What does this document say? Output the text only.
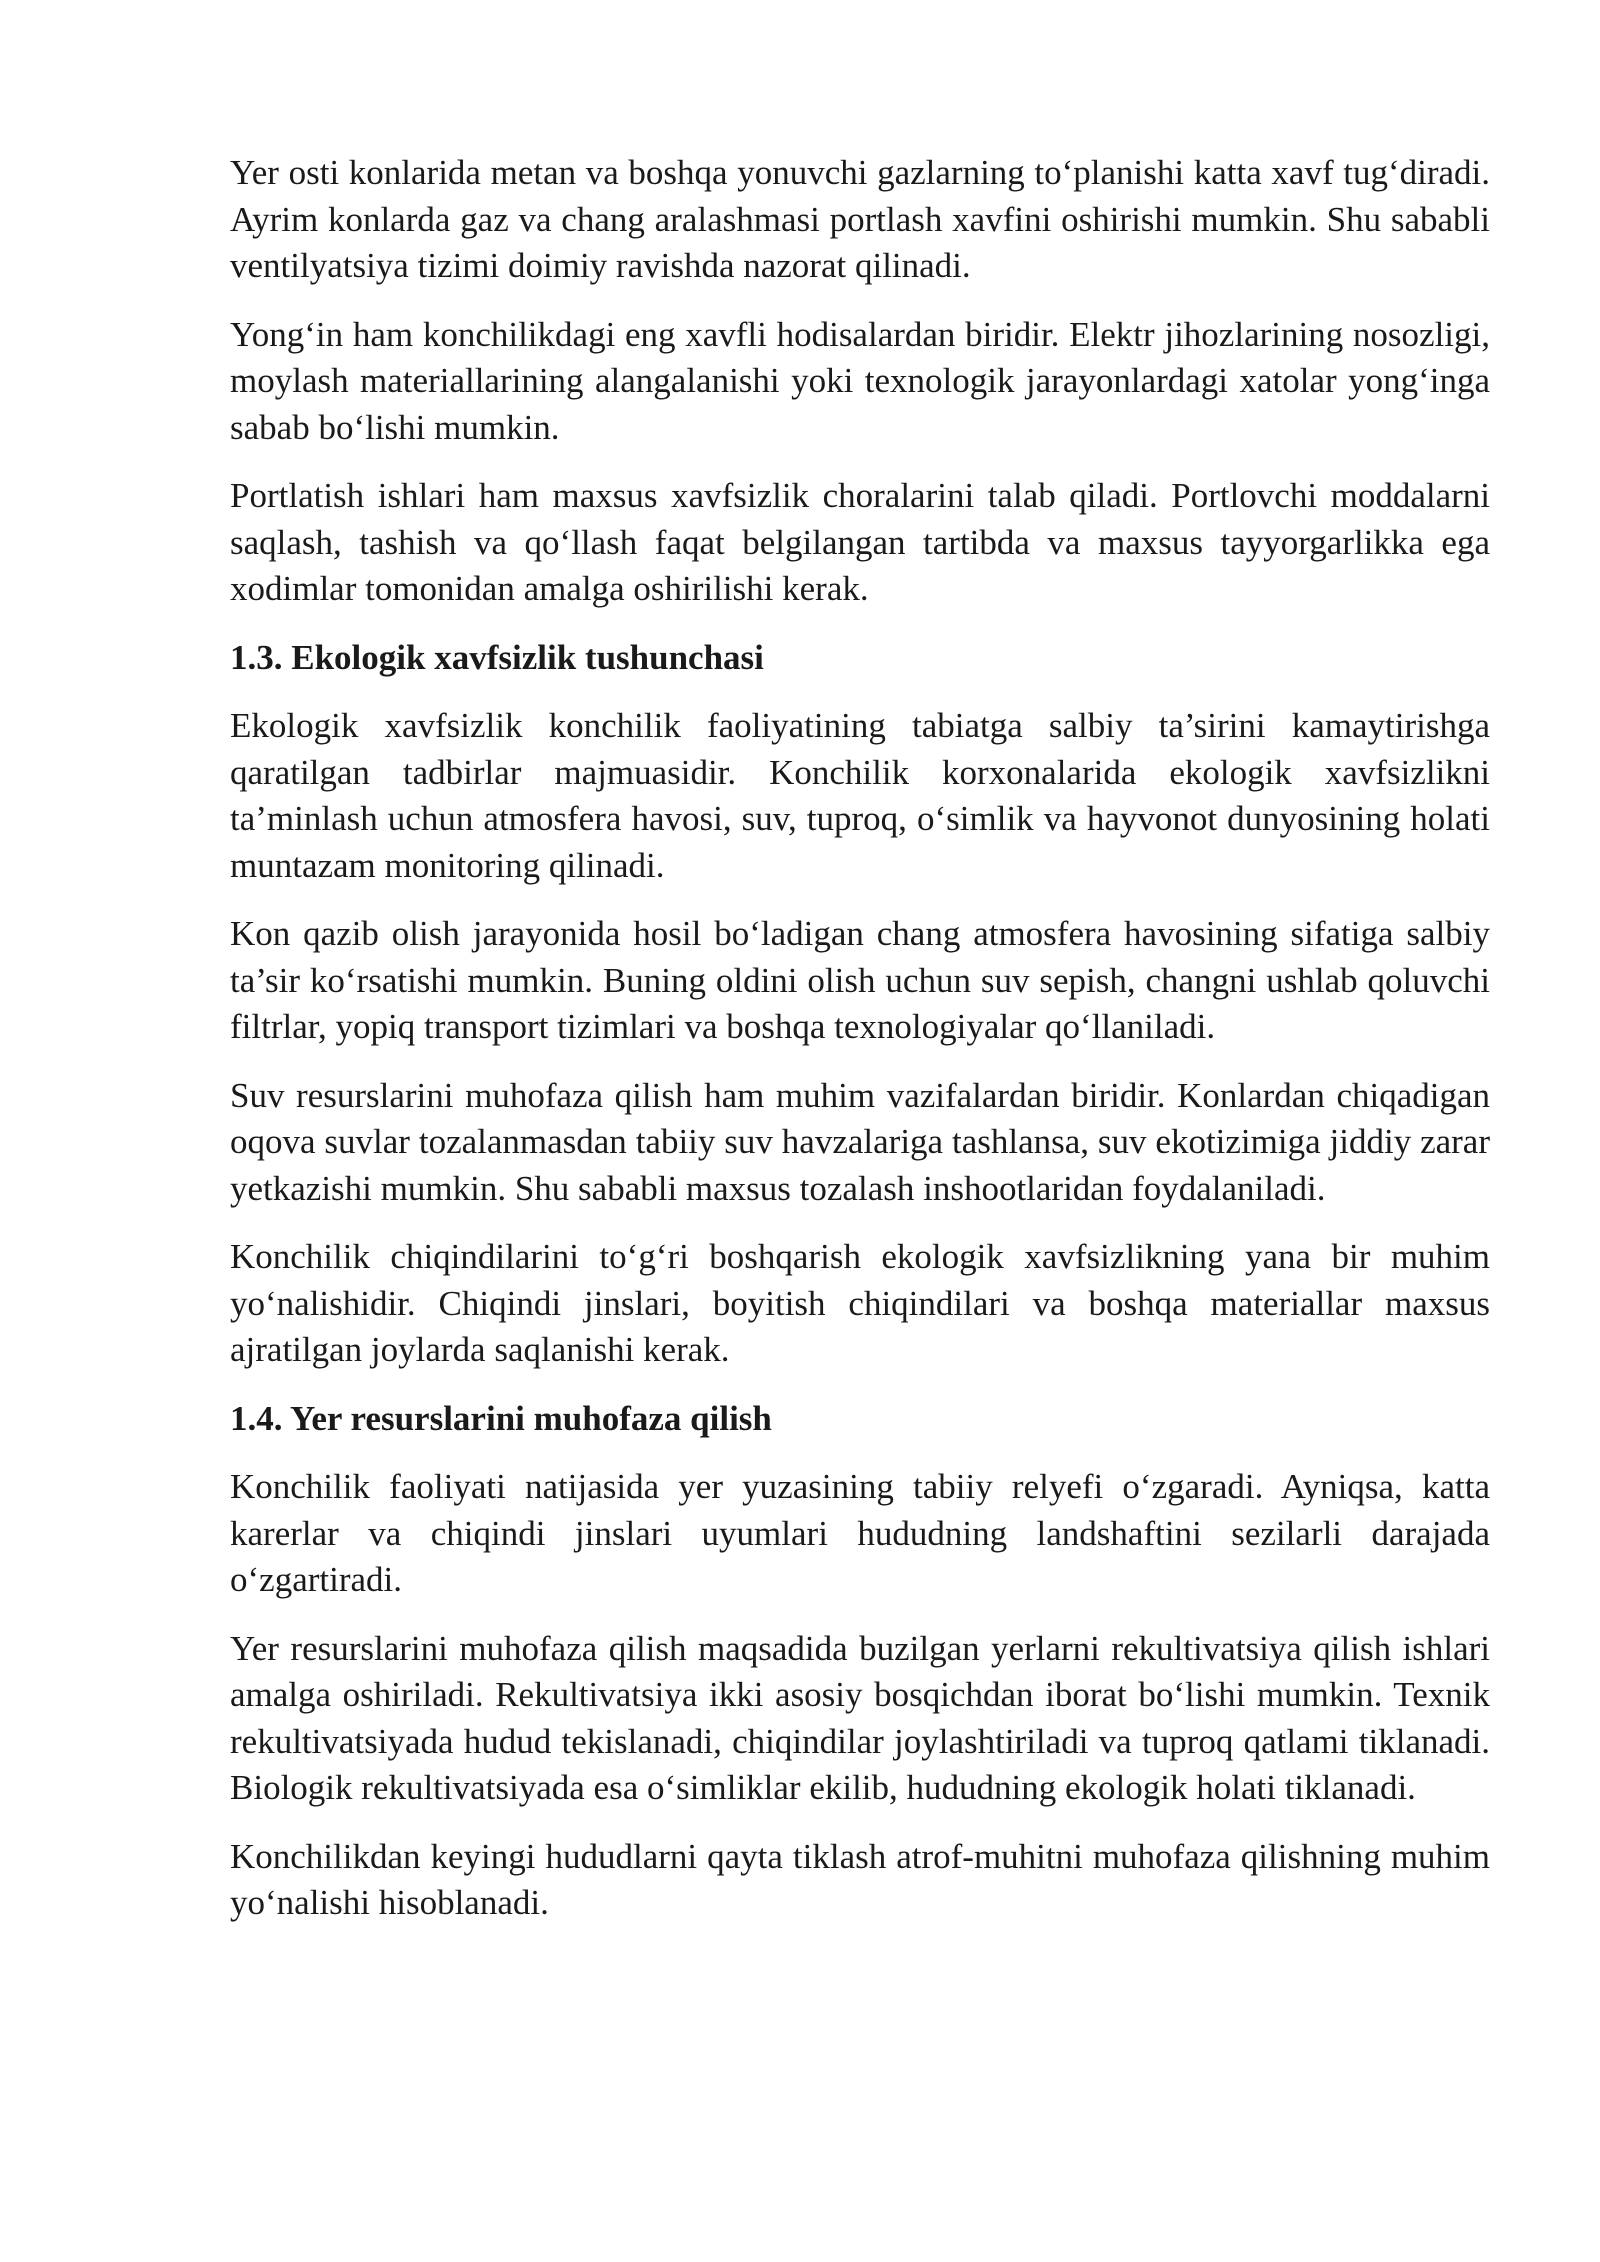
Yer osti konlarida metan va boshqa yonuvchi gazlarning to‘planishi katta xavf tug‘diradi. Ayrim konlarda gaz va chang aralashmasi portlash xavfini oshirishi mumkin. Shu sababli ventilyatsiya tizimi doimiy ravishda nazorat qilinadi.

Yong‘in ham konchilikdagi eng xavfli hodisalardan biridir. Elektr jihozlarining nosozligi, moylash materiallarining alangalanishi yoki texnologik jarayonlardagi xatolar yong‘inga sabab bo‘lishi mumkin.

Portlatish ishlari ham maxsus xavfsizlik choralarini talab qiladi. Portlovchi moddalarni saqlash, tashish va qo‘llash faqat belgilangan tartibda va maxsus tayyorgarlikka ega xodimlar tomonidan amalga oshirilishi kerak.

1.3. Ekologik xavfsizlik tushunchasi

Ekologik xavfsizlik konchilik faoliyatining tabiatga salbiy ta’sirini kamaytirishga qaratilgan tadbirlar majmuasidir. Konchilik korxonalarida ekologik xavfsizlikni ta’minlash uchun atmosfera havosi, suv, tuproq, o‘simlik va hayvonot dunyosining holati muntazam monitoring qilinadi.

Kon qazib olish jarayonida hosil bo‘ladigan chang atmosfera havosining sifatiga salbiy ta’sir ko‘rsatishi mumkin. Buning oldini olish uchun suv sepish, changni ushlab qoluvchi filtrlar, yopiq transport tizimlari va boshqa texnologiyalar qo‘llaniladi.

Suv resurslarini muhofaza qilish ham muhim vazifalardan biridir. Konlardan chiqadigan oqova suvlar tozalanmasdan tabiiy suv havzalariga tashlansa, suv ekotizimiga jiddiy zarar yetkazishi mumkin. Shu sababli maxsus tozalash inshootlaridan foydalaniladi.

Konchilik chiqindilarini to‘g‘ri boshqarish ekologik xavfsizlikning yana bir muhim yo‘nalishidir. Chiqindi jinslari, boyitish chiqindilari va boshqa materiallar maxsus ajratilgan joylarda saqlanishi kerak.

1.4. Yer resurslarini muhofaza qilish

Konchilik faoliyati natijasida yer yuzasining tabiiy relyefi o‘zgaradi. Ayniqsa, katta karerlar va chiqindi jinslari uyumlari hududning landshaftini sezilarli darajada o‘zgartiradi.

Yer resurslarini muhofaza qilish maqsadida buzilgan yerlarni rekultivatsiya qilish ishlari amalga oshiriladi. Rekultivatsiya ikki asosiy bosqichdan iborat bo‘lishi mumkin. Texnik rekultivatsiyada hudud tekislanadi, chiqindilar joylashtiriladi va tuproq qatlami tiklanadi. Biologik rekultivatsiyada esa o‘simliklar ekilib, hududning ekologik holati tiklanadi.

Konchilikdan keyingi hududlarni qayta tiklash atrof-muhitni muhofaza qilishning muhim yo‘nalishi hisoblanadi.
